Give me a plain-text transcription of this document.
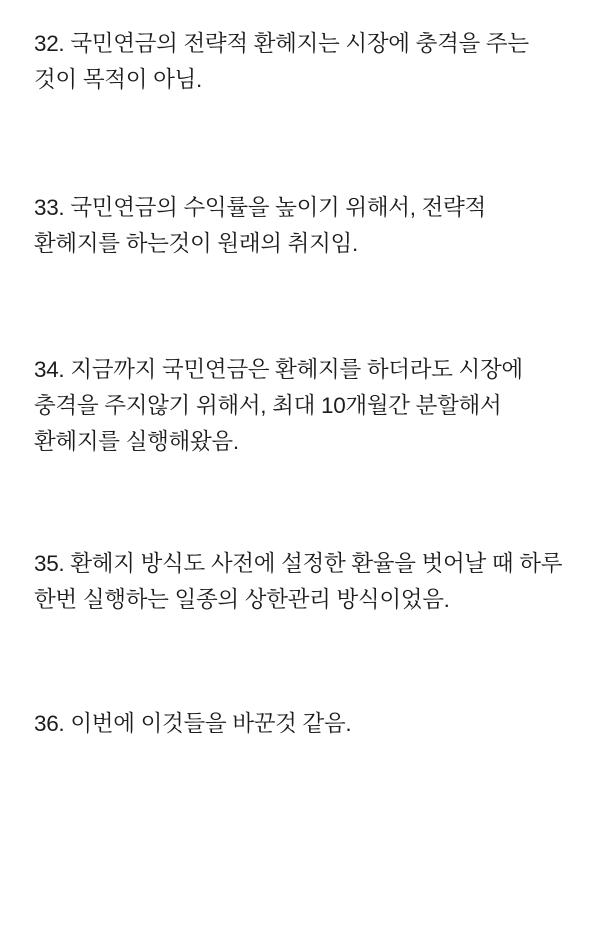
32. 국민연금의 전략적 환헤지는 시장에 충격을 주는 것이 목적이 아님.

33. 국민연금의 수익률을 높이기 위해서, 전략적 환헤지를 하는것이 원래의 취지임.

34. 지금까지 국민연금은 환헤지를 하더라도 시장에 충격을 주지않기 위해서, 최대 10개월간 분할해서 환헤지를 실행해왔음.

35. 환헤지 방식도 사전에 설정한 환율을 벗어날 때 하루 한번 실행하는 일종의 상한관리 방식이었음.

36. 이번에 이것들을 바꾼것 같음.
